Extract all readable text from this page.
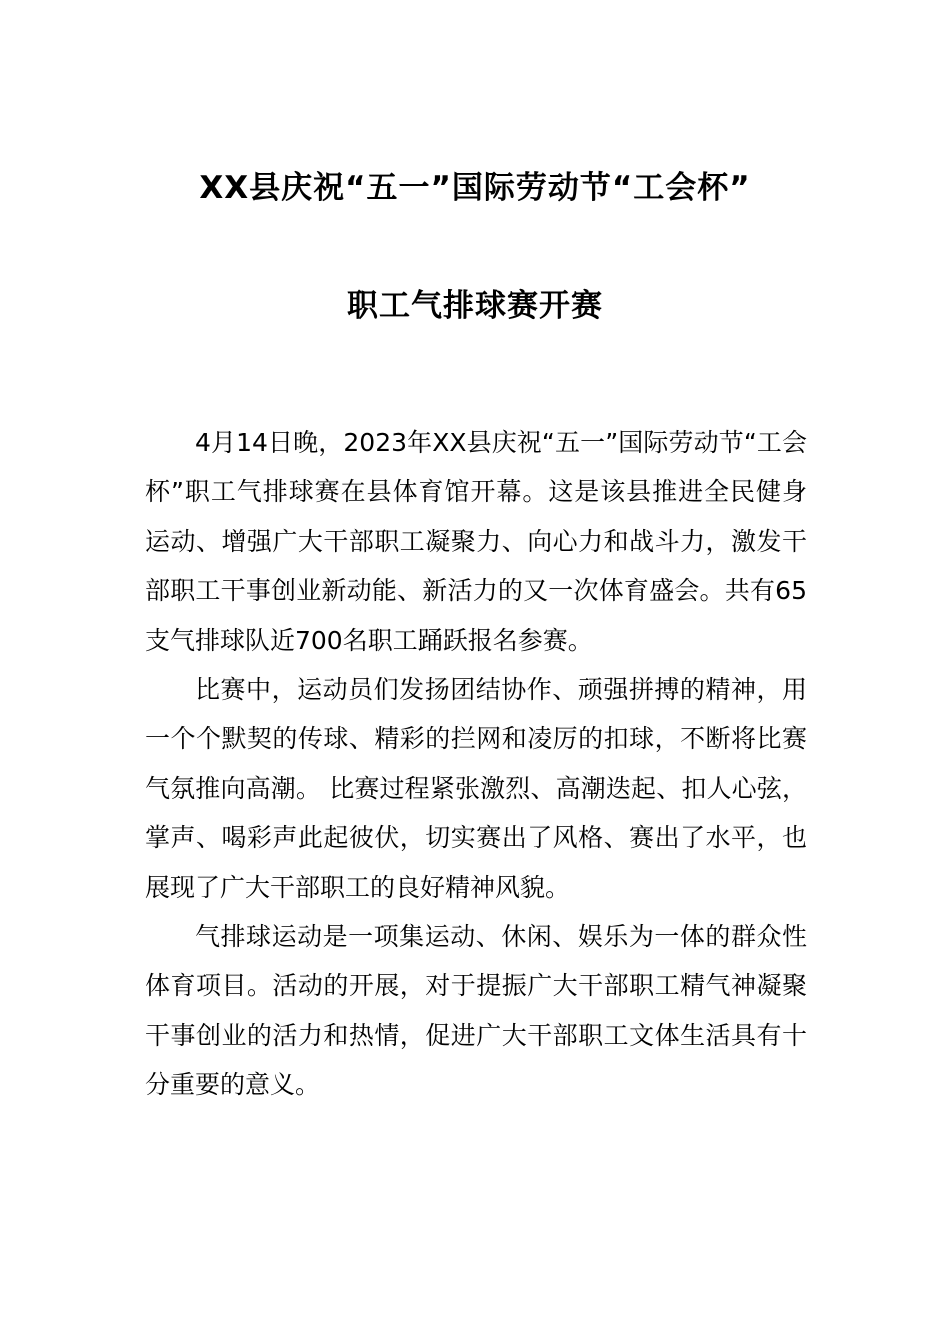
XX县庆祝“五一”国际劳动节“工会杯”
职工气排球赛开赛

4月14日晚，2023年XX县庆祝“五一”国际劳动节“工会杯”职工气排球赛在县体育馆开幕。这是该县推进全民健身运动、增强广大干部职工凝聚力、向心力和战斗力，激发干部职工干事创业新动能、新活力的又一次体育盛会。共有65支气排球队近700名职工踊跃报名参赛。

比赛中，运动员们发扬团结协作、顽强拼搏的精神，用一个个默契的传球、精彩的拦网和凌厉的扣球，不断将比赛气氛推向高潮。 比赛过程紧张激烈、高潮迭起、扣人心弦，掌声、喝彩声此起彼伏，切实赛出了风格、赛出了水平，也展现了广大干部职工的良好精神风貌。

气排球运动是一项集运动、休闲、娱乐为一体的群众性体育项目。活动的开展，对于提振广大干部职工精气神凝聚干事创业的活力和热情，促进广大干部职工文体生活具有十分重要的意义。
